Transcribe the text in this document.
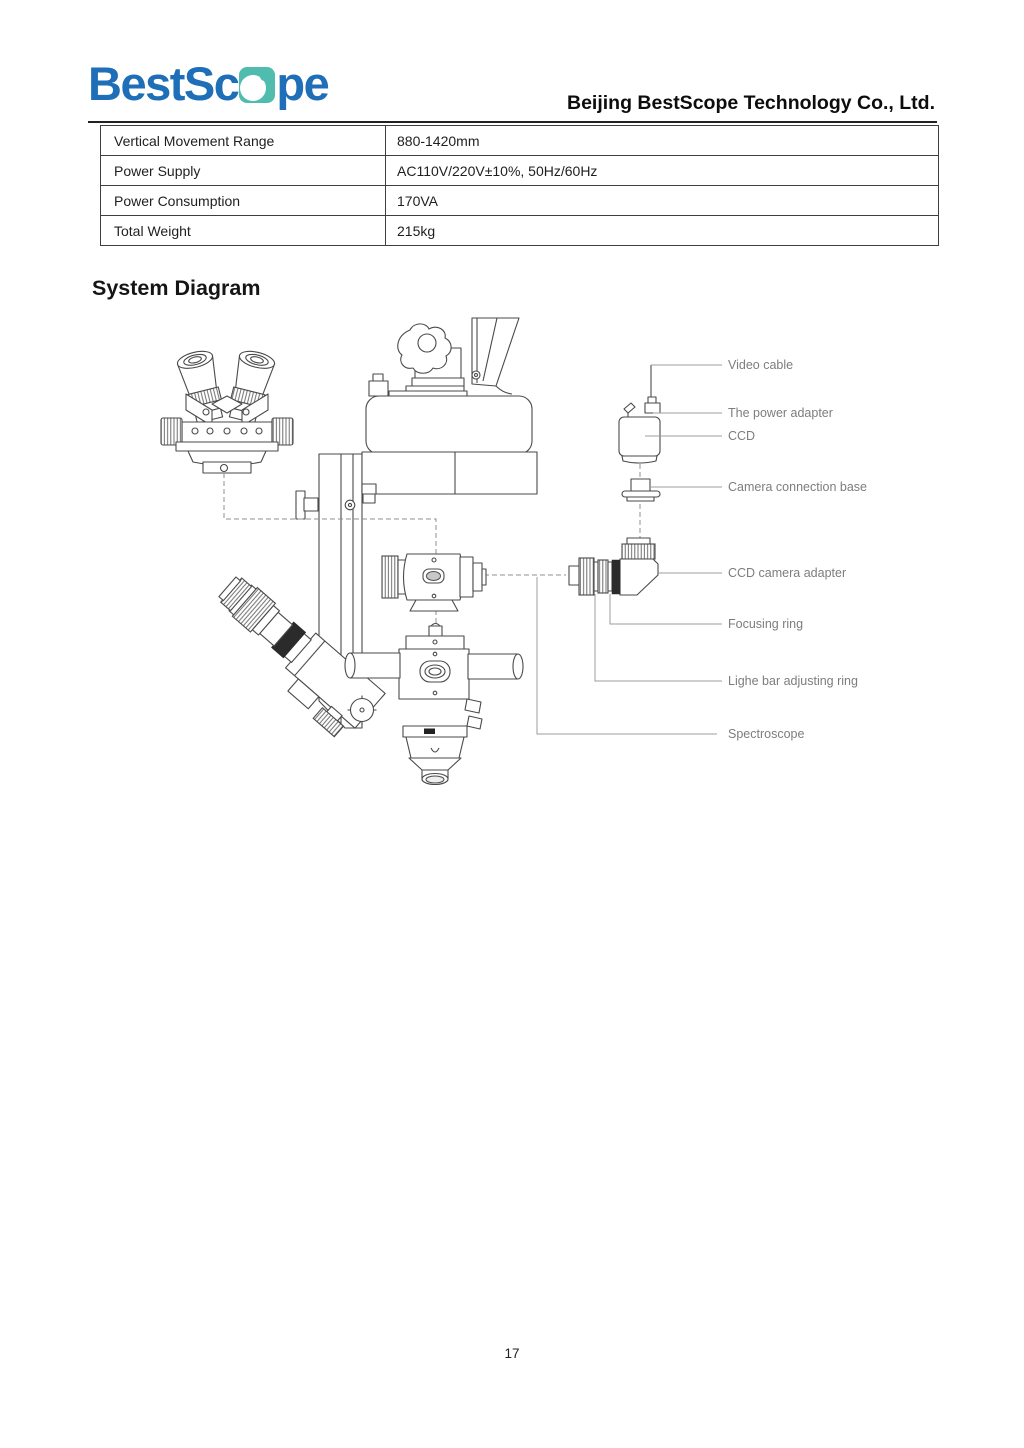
BestSc pe	Beijing BestScope Technology Co., Ltd.
Vertical Movement Range	880-1420mm
Power Supply	AC110V/220V±10%, 50Hz/60Hz
Power Consumption	170VA
Total Weight	215kg
System Diagram
Video cable
The power adapter
CCD
Camera connection base
CCD camera adapter
Focusing ring
Lighe bar adjusting ring
Spectroscope
17
